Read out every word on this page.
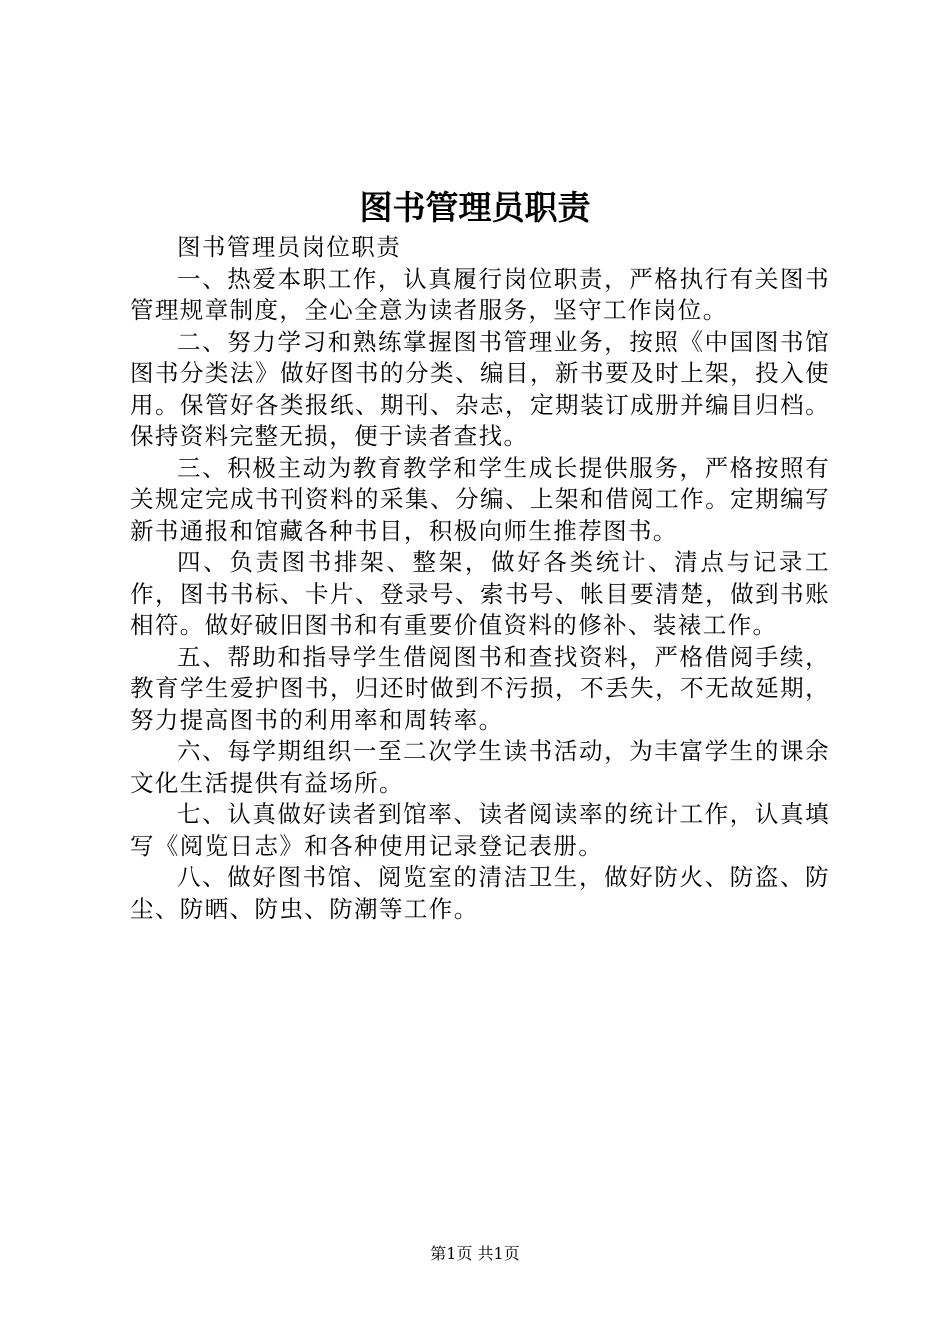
图书管理员职责

图书管理员岗位职责

一、热爱本职工作，认真履行岗位职责，严格执行有关图书管理规章制度，全心全意为读者服务，坚守工作岗位。

二、努力学习和熟练掌握图书管理业务，按照《中国图书馆图书分类法》做好图书的分类、编目，新书要及时上架，投入使用。保管好各类报纸、期刊、杂志，定期装订成册并编目归档。保持资料完整无损，便于读者查找。

三、积极主动为教育教学和学生成长提供服务，严格按照有关规定完成书刊资料的采集、分编、上架和借阅工作。定期编写新书通报和馆藏各种书目，积极向师生推荐图书。

四、负责图书排架、整架，做好各类统计、清点与记录工作，图书书标、卡片、登录号、索书号、帐目要清楚，做到书账相符。做好破旧图书和有重要价值资料的修补、装裱工作。

五、帮助和指导学生借阅图书和查找资料，严格借阅手续，教育学生爱护图书，归还时做到不污损，不丢失，不无故延期，努力提高图书的利用率和周转率。

六、每学期组织一至二次学生读书活动，为丰富学生的课余文化生活提供有益场所。

七、认真做好读者到馆率、读者阅读率的统计工作，认真填写《阅览日志》和各种使用记录登记表册。

八、做好图书馆、阅览室的清洁卫生，做好防火、防盗、防尘、防晒、防虫、防潮等工作。

第1页 共1页
